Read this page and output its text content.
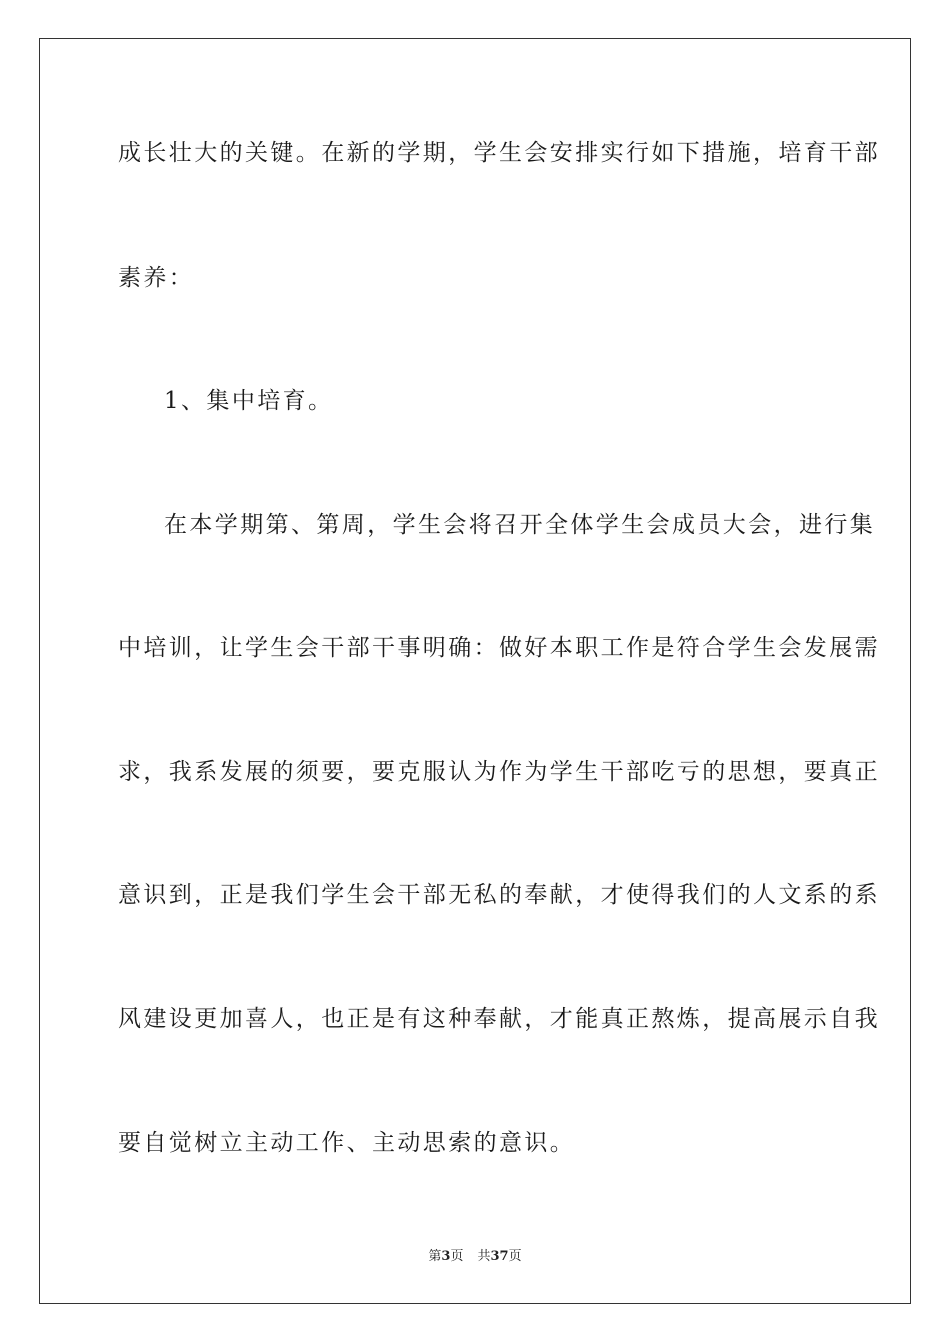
成长壮大的关键。在新的学期，学生会安排实行如下措施，培育干部
素养：
1、集中培育。
在本学期第、第周，学生会将召开全体学生会成员大会，进行集
中培训，让学生会干部干事明确：做好本职工作是符合学生会发展需
求，我系发展的须要，要克服认为作为学生干部吃亏的思想，要真正
意识到，正是我们学生会干部无私的奉献，才使得我们的人文系的系
风建设更加喜人，也正是有这种奉献，才能真正熬炼，提高展示自我
要自觉树立主动工作、主动思索的意识。
第3页 共37页
